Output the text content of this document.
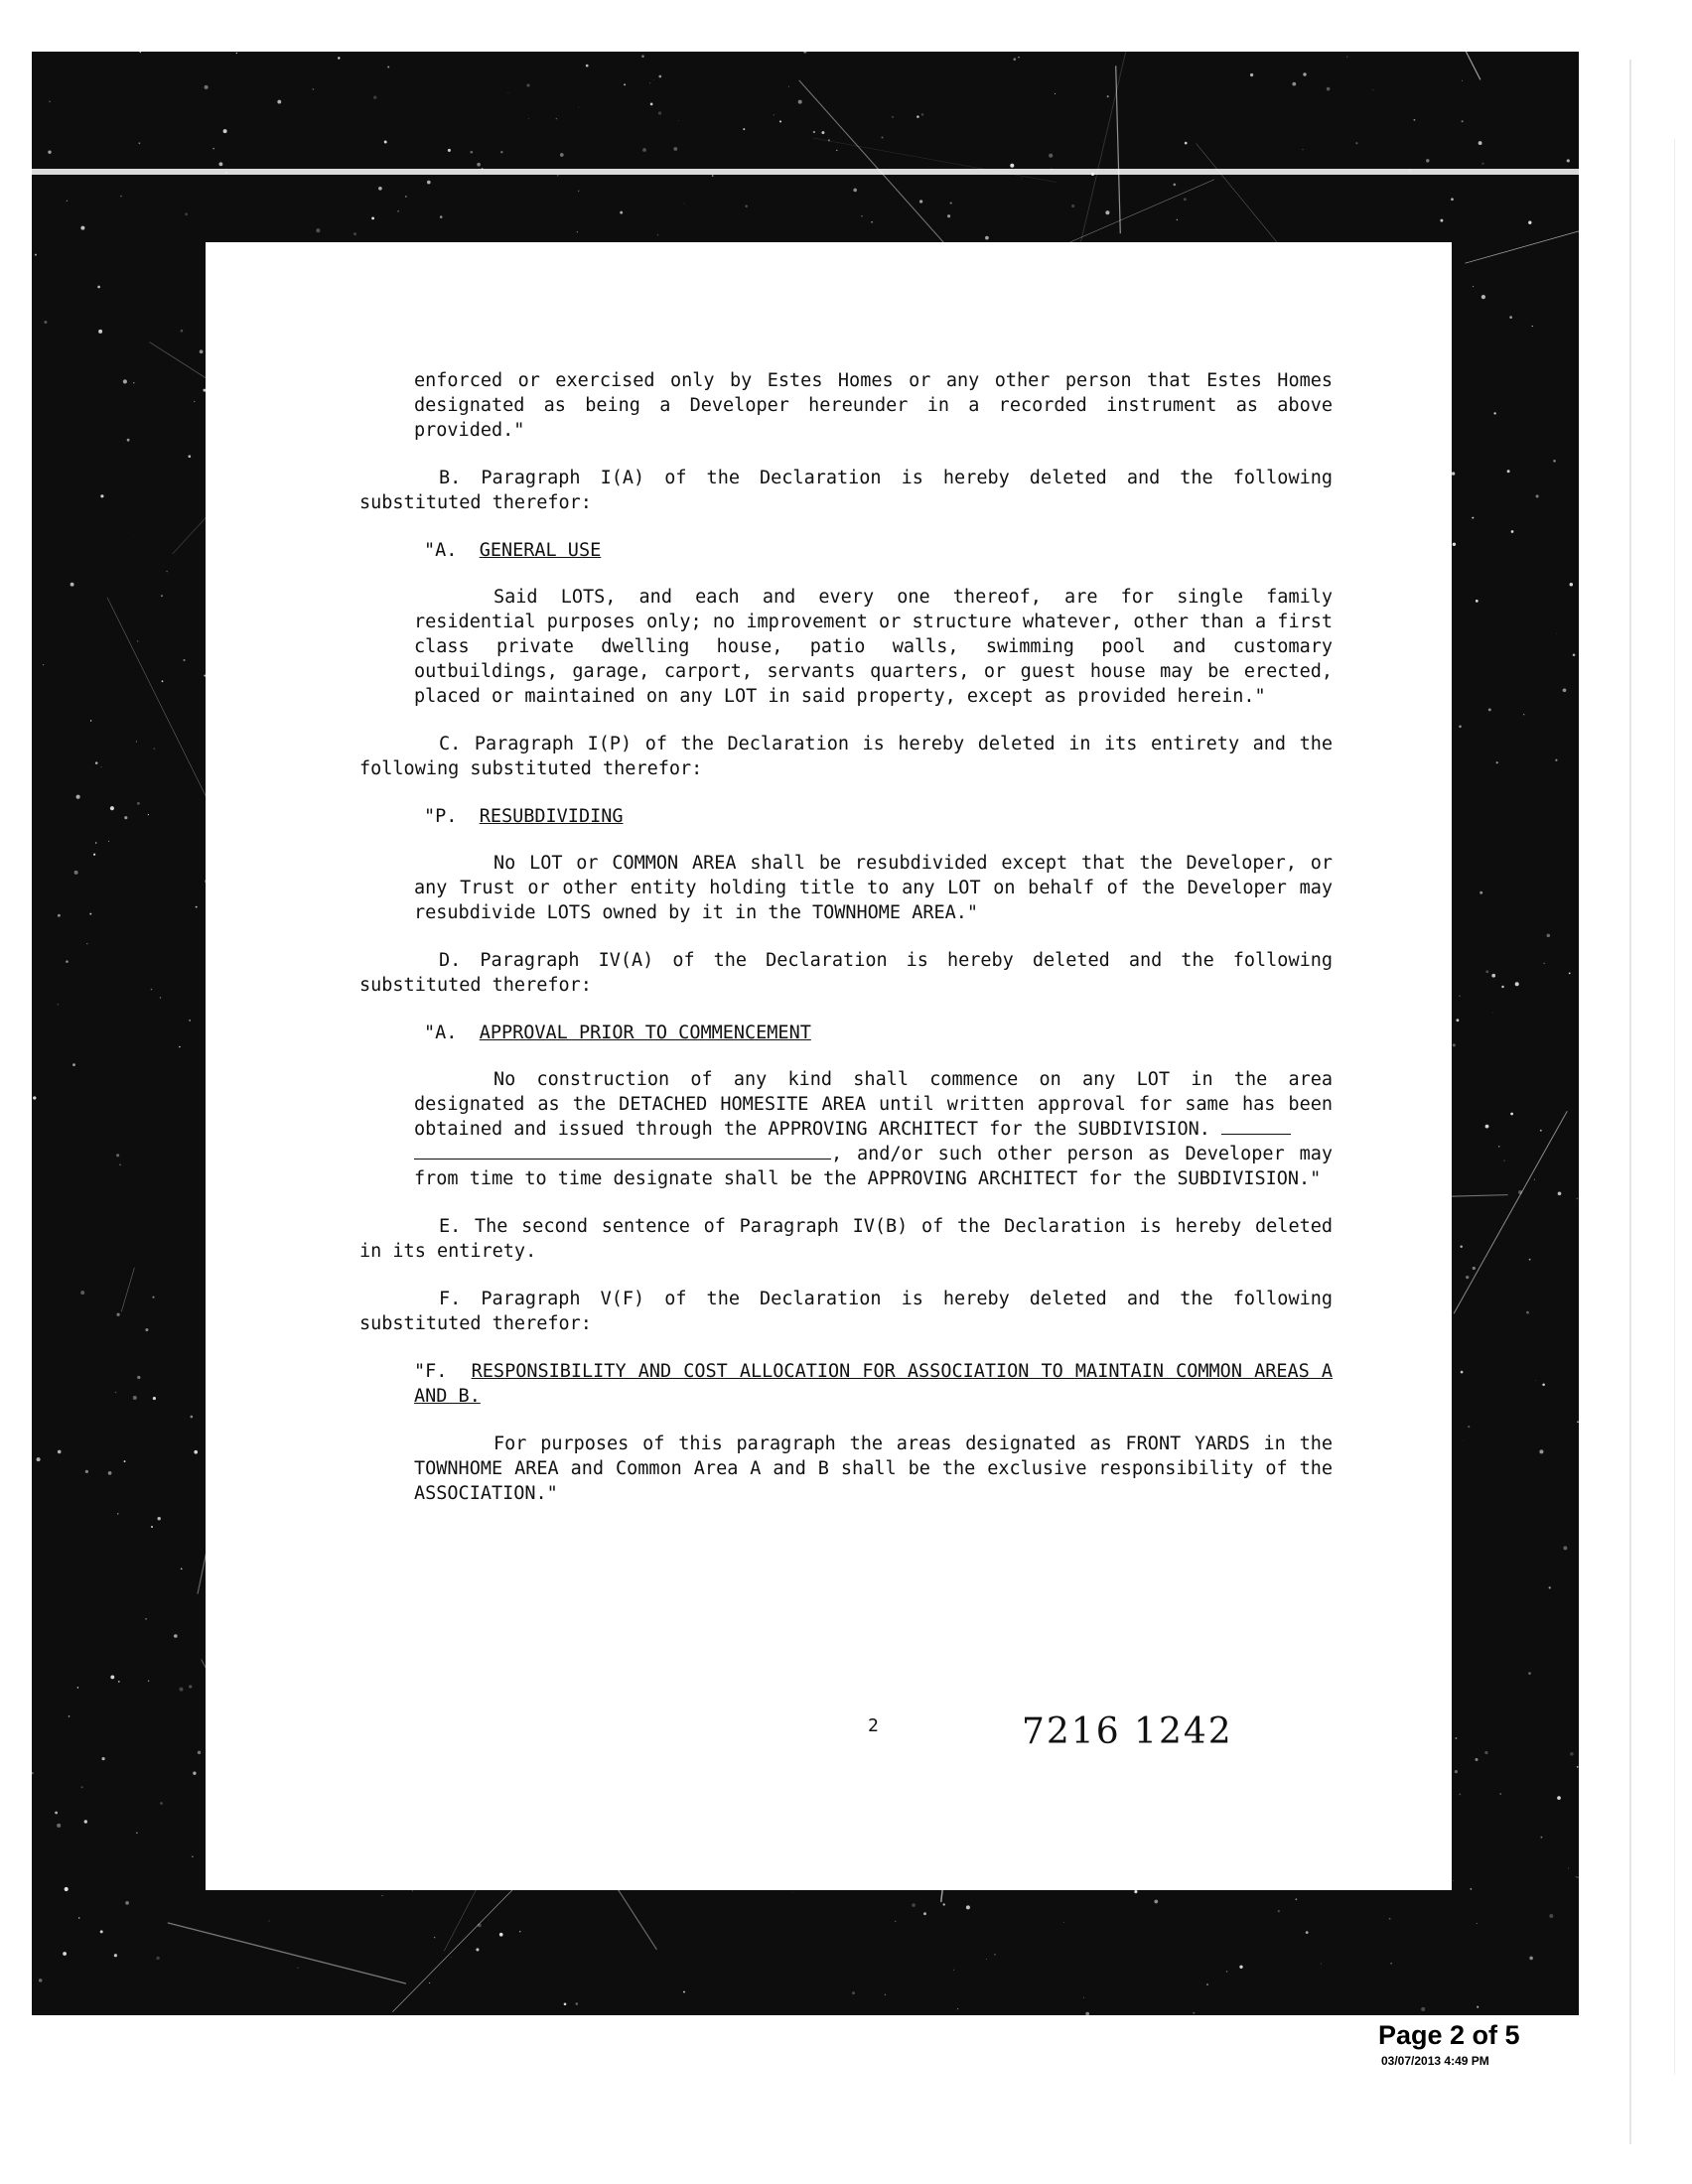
enforced or exercised only by Estes Homes or any other person that Estes Homes designated as being a Developer hereunder in a recorded instrument as above provided."

B. Paragraph I(A) of the Declaration is hereby deleted and the following substituted therefor:

"A. GENERAL USE

Said LOTS, and each and every one thereof, are for single family residential purposes only; no improvement or structure whatever, other than a first class private dwelling house, patio walls, swimming pool and customary outbuildings, garage, carport, servants quarters, or guest house may be erected, placed or maintained on any LOT in said property, except as provided herein."

C. Paragraph I(P) of the Declaration is hereby deleted in its entirety and the following substituted therefor:

"P. RESUBDIVIDING

No LOT or COMMON AREA shall be resubdivided except that the Developer, or any Trust or other entity holding title to any LOT on behalf of the Developer may resubdivide LOTS owned by it in the TOWNHOME AREA."

D. Paragraph IV(A) of the Declaration is hereby deleted and the following substituted therefor:

"A. APPROVAL PRIOR TO COMMENCEMENT

No construction of any kind shall commence on any LOT in the area designated as the DETACHED HOMESITE AREA until written approval for same has been obtained and issued through the APPROVING ARCHITECT for the SUBDIVISION.
, and/or such other person as Developer may from time to time designate shall be the APPROVING ARCHITECT for the SUBDIVISION."

E. The second sentence of Paragraph IV(B) of the Declaration is hereby deleted in its entirety.

F. Paragraph V(F) of the Declaration is hereby deleted and the following substituted therefor:

"F. RESPONSIBILITY AND COST ALLOCATION FOR ASSOCIATION TO MAINTAIN COMMON AREAS A AND B.

For purposes of this paragraph the areas designated as FRONT YARDS in the TOWNHOME AREA and Common Area A and B shall be the exclusive responsibility of the ASSOCIATION."

2	7216 1242
Page 2 of 5
03/07/2013 4:49 PM
